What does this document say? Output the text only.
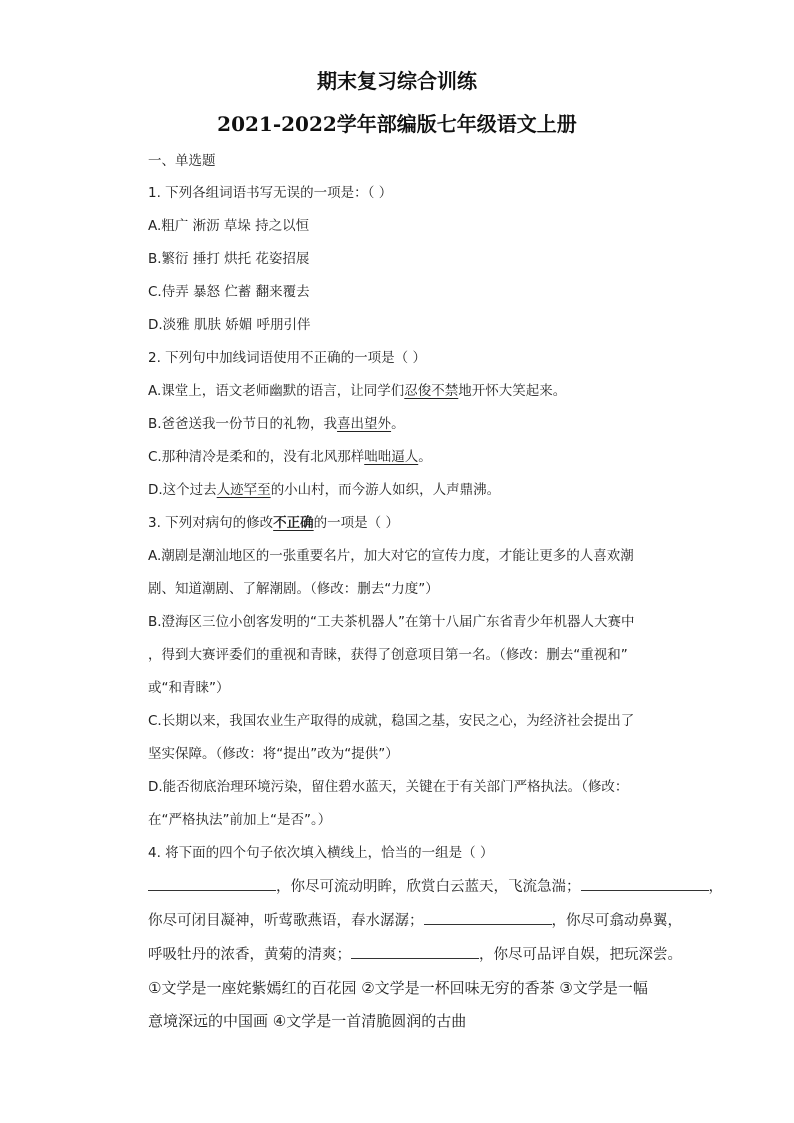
期末复习综合训练
2021-2022学年部编版七年级语文上册
一、单选题
1. 下列各组词语书写无误的一项是：（ ）
A.粗广 淅沥 草垛 持之以恒
B.繁衍 捶打 烘托 花姿招展
C.侍弄 暴怒 伫蓄 翻来覆去
D.淡雅 肌肤 娇媚 呼朋引伴
2. 下列句中加线词语使用不正确的一项是（ ）
A.课堂上，语文老师幽默的语言，让同学们忍俊不禁地开怀大笑起来。
B.爸爸送我一份节日的礼物，我喜出望外。
C.那种清冷是柔和的，没有北风那样咄咄逼人。
D.这个过去人迹罕至的小山村，而今游人如织，人声鼎沸。
3. 下列对病句的修改不正确的一项是（ ）
A.潮剧是潮汕地区的一张重要名片，加大对它的宣传力度，才能让更多的人喜欢潮
剧、知道潮剧、了解潮剧。（修改：删去“力度”）
B.澄海区三位小创客发明的“工夫茶机器人”在第十八届广东省青少年机器人大赛中
，得到大赛评委们的重视和青睐，获得了创意项目第一名。（修改：删去“重视和”
或“和青睐”）
C.长期以来，我国农业生产取得的成就，稳国之基，安民之心，为经济社会提出了
坚实保障。（修改：将“提出”改为“提供”）
D.能否彻底治理环境污染，留住碧水蓝天，关键在于有关部门严格执法。（修改：
在“严格执法”前加上“是否”。）
4. 将下面的四个句子依次填入横线上，恰当的一组是（ ）
，你尽可流动明眸，欣赏白云蓝天，飞流急湍；	，
你尽可闭目凝神，听莺歌燕语，春水潺潺；	，你尽可翕动鼻翼，
呼吸牡丹的浓香，黄菊的清爽；	，你尽可品评自娱，把玩深尝。
①文学是一座姹紫嫣红的百花园 ②文学是一杯回味无穷的香茶 ③文学是一幅
意境深远的中国画 ④文学是一首清脆圆润的古曲
